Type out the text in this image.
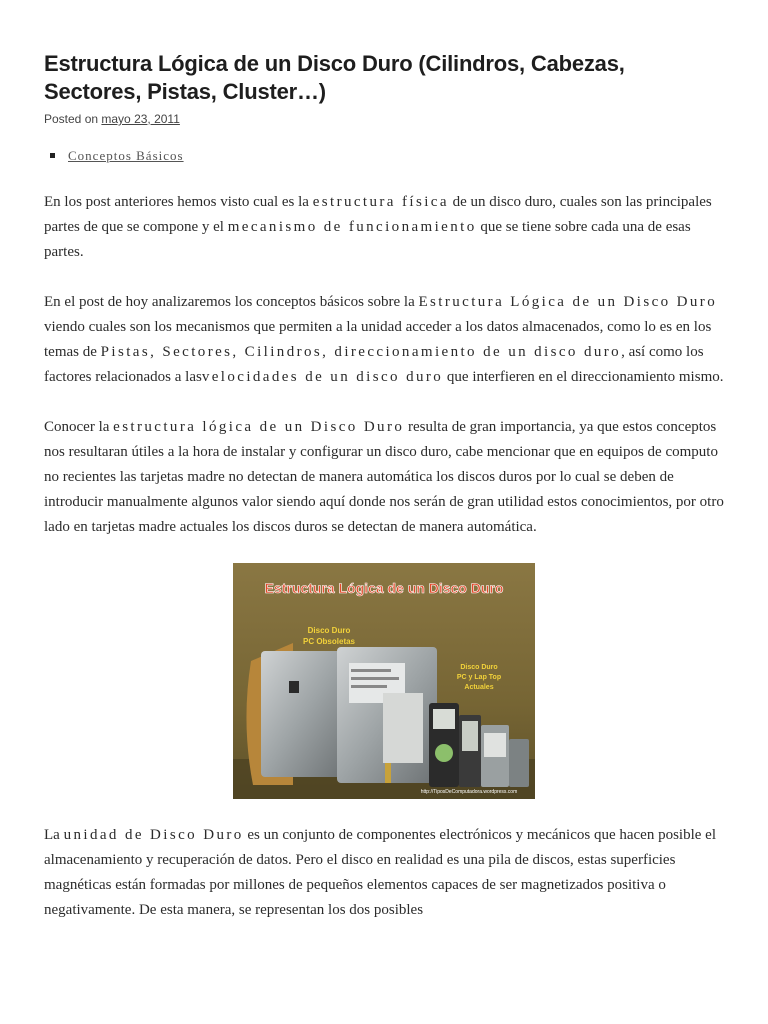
Estructura Lógica de un Disco Duro (Cilindros, Cabezas, Sectores, Pistas, Cluster…)
Posted on mayo 23, 2011
Conceptos Básicos

En los post anteriores hemos visto cual es la estructura física de un disco duro, cuales son las principales partes de que se compone y el mecanismo de funcionamiento que se tiene sobre cada una de esas partes.

En el post de hoy analizaremos los conceptos básicos sobre la Estructura Lógica de un Disco Duro viendo cuales son los mecanismos que permiten a la unidad acceder a los datos almacenados, como lo es en los temas de Pistas, Sectores, Cilindros, direccionamiento de un disco duro, así como los factores relacionados a lasvelocidades de un disco duro que interfieren en el direccionamiento mismo.

Conocer la estructura lógica de un Disco Duro resulta de gran importancia, ya que estos conceptos nos resultaran útiles a la hora de instalar y configurar un disco duro, cabe mencionar que en equipos de computo no recientes las tarjetas madre no detectan de manera automática los discos duros por lo cual se deben de introducir manualmente algunos valor siendo aquí donde nos serán de gran utilidad estos conocimientos, por otro lado en tarjetas madre actuales los discos duros se detectan de manera automática.

Estructura Lógica de un Disco Duro
Disco Duro
PC Obsoletas
Disco Duro
PC y Lap Top
Actuales
http://TiposDeComputadora.wordpress.com

La unidad de Disco Duro es un conjunto de componentes electrónicos y mecánicos que hacen posible el almacenamiento y recuperación de datos. Pero el disco en realidad es una pila de discos, estas superficies magnéticas están formadas por millones de pequeños elementos capaces de ser magnetizados positiva o negativamente. De esta manera, se representan los dos posibles
